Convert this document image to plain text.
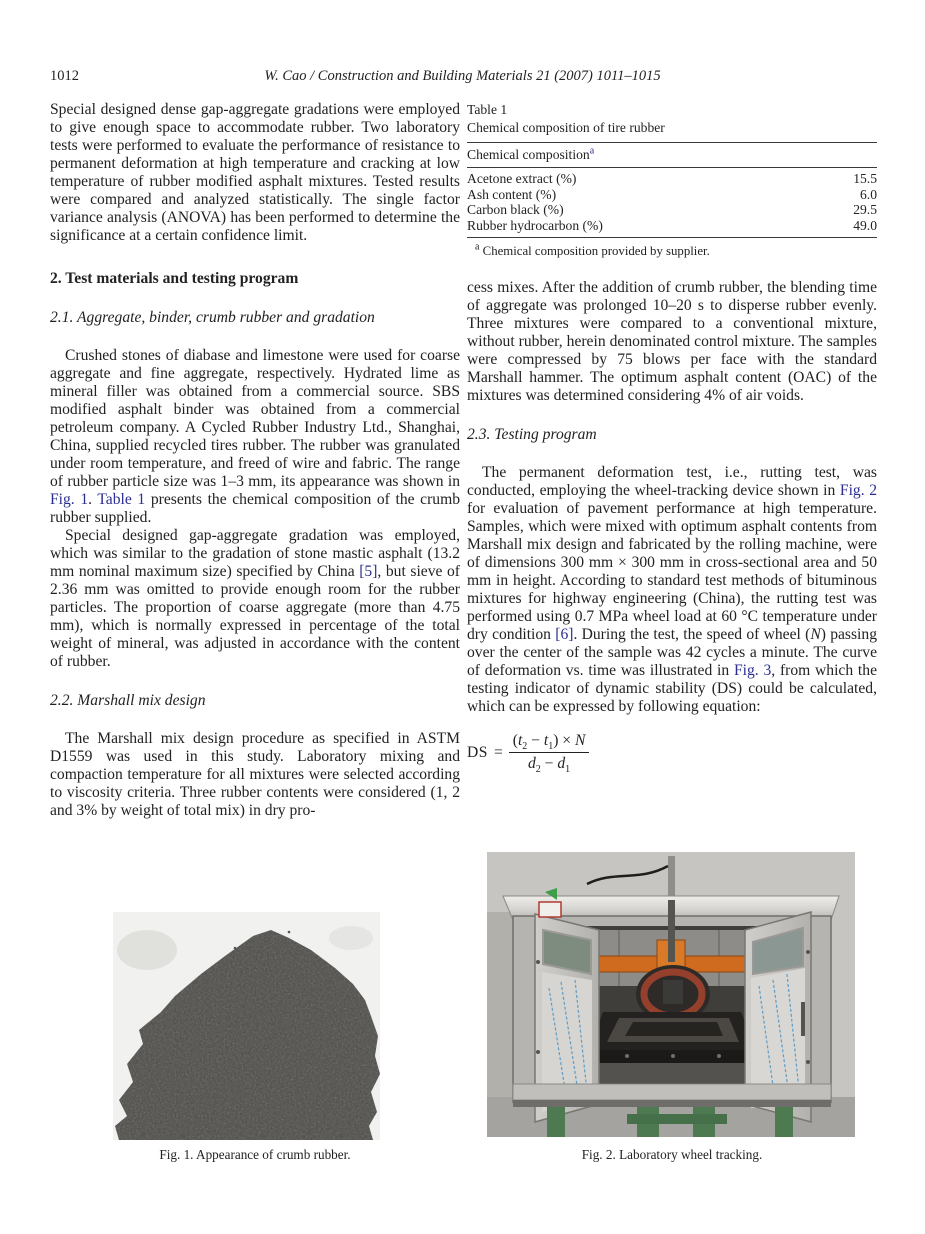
1012	W. Cao / Construction and Building Materials 21 (2007) 1011–1015

Special designed dense gap-aggregate gradations were employed to give enough space to accommodate rubber. Two laboratory tests were performed to evaluate the performance of resistance to permanent deformation at high temperature and cracking at low temperature of rubber modified asphalt mixtures. Tested results were compared and analyzed statistically. The single factor variance analysis (ANOVA) has been performed to determine the significance at a certain confidence limit.

2. Test materials and testing program

2.1. Aggregate, binder, crumb rubber and gradation

Crushed stones of diabase and limestone were used for coarse aggregate and fine aggregate, respectively. Hydrated lime as mineral filler was obtained from a commercial source. SBS modified asphalt binder was obtained from a commercial petroleum company. A Cycled Rubber Industry Ltd., Shanghai, China, supplied recycled tires rubber. The rubber was granulated under room temperature, and freed of wire and fabric. The range of rubber particle size was 1–3 mm, its appearance was shown in Fig. 1. Table 1 presents the chemical composition of the crumb rubber supplied.

Special designed gap-aggregate gradation was employed, which was similar to the gradation of stone mastic asphalt (13.2 mm nominal maximum size) specified by China [5], but sieve of 2.36 mm was omitted to provide enough room for the rubber particles. The proportion of coarse aggregate (more than 4.75 mm), which is normally expressed in percentage of the total weight of mineral, was adjusted in accordance with the content of rubber.

2.2. Marshall mix design

The Marshall mix design procedure as specified in ASTM D1559 was used in this study. Laboratory mixing and compaction temperature for all mixtures were selected according to viscosity criteria. Three rubber contents were considered (1, 2 and 3% by weight of total mix) in dry pro-

Table 1
Chemical composition of tire rubber
Chemical composition$^a$
Acetone extract (%)	15.5
Ash content (%)	6.0
Carbon black (%)	29.5
Rubber hydrocarbon (%)	49.0
$^a$ Chemical composition provided by supplier.

cess mixes. After the addition of crumb rubber, the blending time of aggregate was prolonged 10–20 s to disperse rubber evenly. Three mixtures were compared to a conventional mixture, without rubber, herein denominated control mixture. The samples were compressed by 75 blows per face with the standard Marshall hammer. The optimum asphalt content (OAC) of the mixtures was determined considering 4% of air voids.

2.3. Testing program

The permanent deformation test, i.e., rutting test, was conducted, employing the wheel-tracking device shown in Fig. 2 for evaluation of pavement performance at high temperature. Samples, which were mixed with optimum asphalt contents from Marshall mix design and fabricated by the rolling machine, were of dimensions 300 mm × 300 mm in cross-sectional area and 50 mm in height. According to standard test methods of bituminous mixtures for highway engineering (China), the rutting test was performed using 0.7 MPa wheel load at 60 °C temperature under dry condition [6]. During the test, the speed of wheel (N) passing over the center of the sample was 42 cycles a minute. The curve of deformation vs. time was illustrated in Fig. 3, from which the testing indicator of dynamic stability (DS) could be calculated, which can be expressed by following equation:

DS = $\frac{(t_2 - t_1) \times N}{d_2 - d_1}$
Fig. 1. Appearance of crumb rubber.	Fig. 2. Laboratory wheel tracking.
